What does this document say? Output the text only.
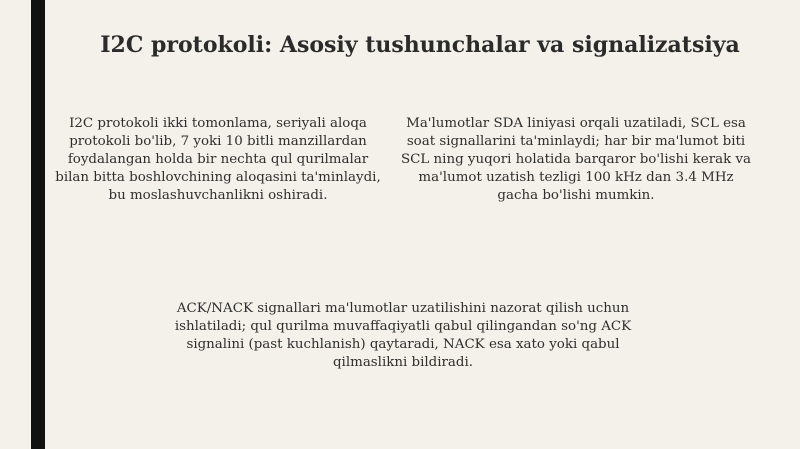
I2C protokoli: Asosiy tushunchalar va signalizatsiya

I2C protokoli ikki tomonlama, seriyali aloqa protokoli bo'lib, 7 yoki 10 bitli manzillardan foydalangan holda bir nechta qul qurilmalar bilan bitta boshlovchining aloqasini ta'minlaydi, bu moslashuvchanlikni oshiradi.

Ma'lumotlar SDA liniyasi orqali uzatiladi, SCL esa soat signallarini ta'minlaydi; har bir ma'lumot biti SCL ning yuqori holatida barqaror bo'lishi kerak va ma'lumot uzatish tezligi 100 kHz dan 3.4 MHz gacha bo'lishi mumkin.

ACK/NACK signallari ma'lumotlar uzatilishini nazorat qilish uchun ishlatiladi; qul qurilma muvaffaqiyatli qabul qilingandan so'ng ACK signalini (past kuchlanish) qaytaradi, NACK esa xato yoki qabul qilmaslikni bildiradi.
